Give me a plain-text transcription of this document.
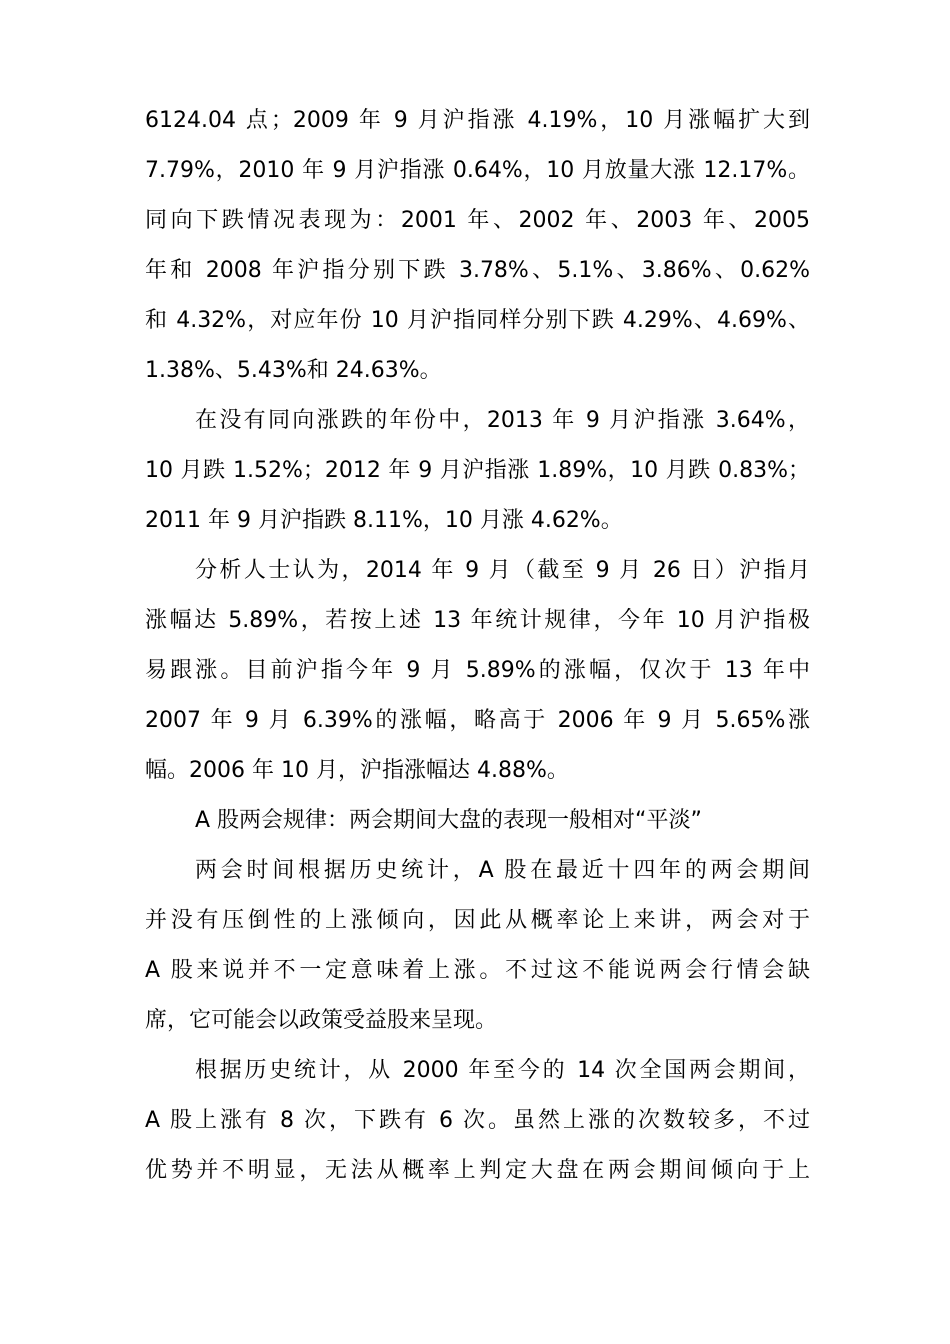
6124.04 点；2009 年 9 月沪指涨 4.19%，10 月涨幅扩大到
7.79%，2010 年 9 月沪指涨 0.64%，10 月放量大涨 12.17%。
同向下跌情况表现为：2001 年、2002 年、2003 年、2005
年和 2008 年沪指分别下跌 3.78%、5.1%、3.86%、0.62%
和 4.32%，对应年份 10 月沪指同样分别下跌 4.29%、4.69%、
1.38%、5.43%和 24.63%。
在没有同向涨跌的年份中，2013 年 9 月沪指涨 3.64%，
10 月跌 1.52%；2012 年 9 月沪指涨 1.89%，10 月跌 0.83%；
2011 年 9 月沪指跌 8.11%，10 月涨 4.62%。
分析人士认为，2014 年 9 月（截至 9 月 26 日）沪指月
涨幅达 5.89%，若按上述 13 年统计规律，今年 10 月沪指极
易跟涨。目前沪指今年 9 月 5.89%的涨幅，仅次于 13 年中
2007 年 9 月 6.39%的涨幅，略高于 2006 年 9 月 5.65%涨
幅。2006 年 10 月，沪指涨幅达 4.88%。
A 股两会规律：两会期间大盘的表现一般相对“平淡”
两会时间根据历史统计，A 股在最近十四年的两会期间
并没有压倒性的上涨倾向，因此从概率论上来讲，两会对于
A 股来说并不一定意味着上涨。不过这不能说两会行情会缺
席，它可能会以政策受益股来呈现。
根据历史统计，从 2000 年至今的 14 次全国两会期间，
A 股上涨有 8 次，下跌有 6 次。虽然上涨的次数较多，不过
优势并不明显，无法从概率上判定大盘在两会期间倾向于上
